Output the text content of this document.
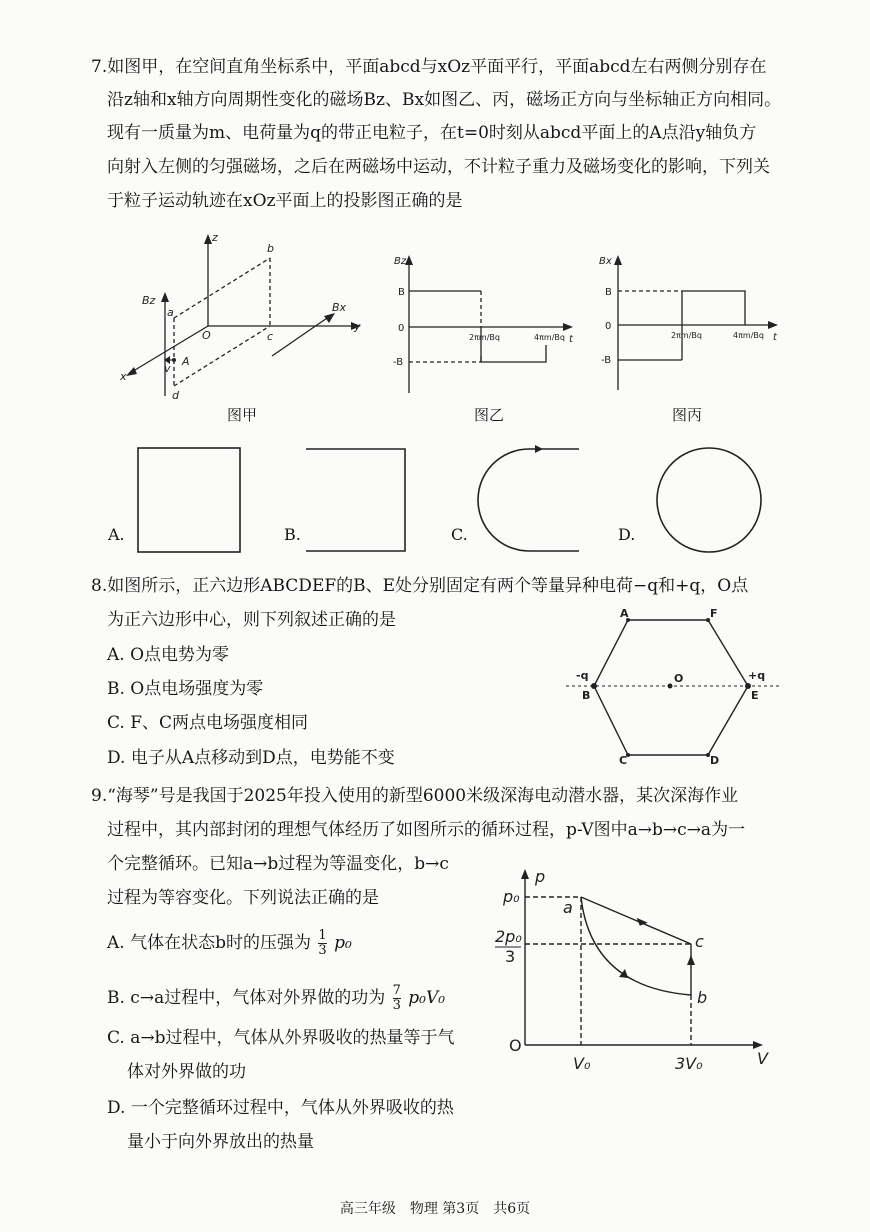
7.如图甲，在空间直角坐标系中，平面abcd与xOz平面平行，平面abcd左右两侧分别存在
沿z轴和x轴方向周期性变化的磁场Bz、Bx如图乙、丙，磁场正方向与坐标轴正方向相同。
现有一质量为m、电荷量为q的带正电粒子，在t=0时刻从abcd平面上的A点沿y轴负方
向射入左侧的匀强磁场，之后在两磁场中运动，不计粒子重力及磁场变化的影响，下列关
于粒子运动轨迹在xOz平面上的投影图正确的是
z
b
Bz
a
O	c
y
Bx
x
A
v
d
图甲
Bz
t
B
0
-B
2πm/Bq	4πm/Bq
图乙
Bx
t
B
0
-B
2πm/Bq	4πm/Bq
图丙
A.	B.	C.	D.
8.如图所示，正六边形ABCDEF的B、E处分别固定有两个等量异种电荷−q和+q，O点
为正六边形中心，则下列叙述正确的是
A. O点电势为零
B. O点电场强度为零
C. F、C两点电场强度相同
D. 电子从A点移动到D点，电势能不变
A	F
-q
B
O	+q
E
C	D
9.“海琴”号是我国于2025年投入使用的新型6000米级深海电动潜水器，某次深海作业
过程中，其内部封闭的理想气体经历了如图所示的循环过程，p-V图中a→b→c→a为一
个完整循环。已知a→b过程为等温变化，b→c
过程为等容变化。下列说法正确的是
A. 气体在状态b时的压强为 $\frac{1}{3} p_0$
B. c→a过程中，气体对外界做的功为 $\frac{7}{3} p_0V_0$
C. a→b过程中，气体从外界吸收的热量等于气
体对外界做的功
D. 一个完整循环过程中，气体从外界吸收的热
量小于向外界放出的热量
p
V
O
p₀
2p₀
3
a
c
b
V₀	3V₀
高三年级　物理 第3页　共6页
